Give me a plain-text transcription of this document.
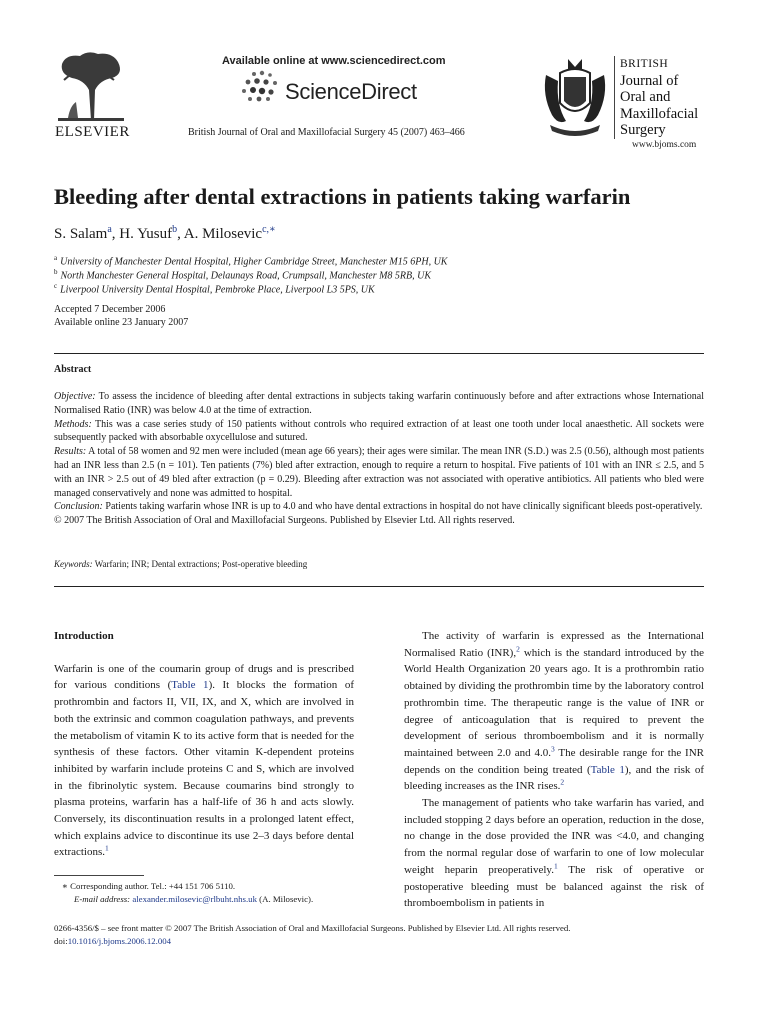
ELSEVIER
Available online at www.sciencedirect.com
ScienceDirect
British Journal of Oral and Maxillofacial Surgery 45 (2007) 463–466
BRITISH
Journal of
Oral and
Maxillofacial
Surgery
www.bjoms.com
Bleeding after dental extractions in patients taking warfarin
S. Salam$^a$, H. Yusuf$^b$, A. Milosevic$^{c,∗}$
$^a$ University of Manchester Dental Hospital, Higher Cambridge Street, Manchester M15 6PH, UK
$^b$ North Manchester General Hospital, Delaunays Road, Crumpsall, Manchester M8 5RB, UK
$^c$ Liverpool University Dental Hospital, Pembroke Place, Liverpool L3 5PS, UK
Accepted 7 December 2006
Available online 23 January 2007
Abstract

Objective: To assess the incidence of bleeding after dental extractions in subjects taking warfarin continuously before and after extractions whose International Normalised Ratio (INR) was below 4.0 at the time of extraction.

Methods: This was a case series study of 150 patients without controls who required extraction of at least one tooth under local anaesthetic. All sockets were subsequently packed with absorbable oxycellulose and sutured.

Results: A total of 58 women and 92 men were included (mean age 66 years); their ages were similar. The mean INR (S.D.) was 2.5 (0.56), although most patients had an INR less than 2.5 (n = 101). Ten patients (7%) bled after extraction, enough to require a return to hospital. Five patients of 101 with an INR ≤ 2.5, and 5 with an INR > 2.5 out of 49 bled after extraction (p = 0.29). Bleeding after extraction was not associated with operative antibiotics. All patients who bled were managed conservatively and none was admitted to hospital.

Conclusion: Patients taking warfarin whose INR is up to 4.0 and who have dental extractions in hospital do not have clinically significant bleeds post-operatively.

© 2007 The British Association of Oral and Maxillofacial Surgeons. Published by Elsevier Ltd. All rights reserved.

Keywords: Warfarin; INR; Dental extractions; Post-operative bleeding

Introduction

Warfarin is one of the coumarin group of drugs and is prescribed for various conditions (Table 1). It blocks the formation of prothrombin and factors II, VII, IX, and X, which are involved in both the extrinsic and common coagulation pathways, and prevents the metabolism of vitamin K to its active form that is needed for the synthesis of these factors. Other vitamin K-dependent proteins inhibited by warfarin include proteins C and S, which are involved in the fibrinolytic system. Because coumarins bind strongly to plasma proteins, warfarin has a half-life of 36 h and acts slowly. Conversely, its discontinuation results in a prolonged latent effect, which explains advice to discontinue its use 2–3 days before dental extractions.$^1$

The activity of warfarin is expressed as the International Normalised Ratio (INR),$^2$ which is the standard introduced by the World Health Organization 20 years ago. It is a prothrombin ratio obtained by dividing the prothrombin time by the laboratory control prothrombin time. The therapeutic range is the value of INR or degree of anticoagulation that is required to prevent the development of serious thromboembolism and it is normally maintained between 2.0 and 4.0.$^3$ The desirable range for the INR depends on the condition being treated (Table 1), and the risk of bleeding increases as the INR rises.$^2$

The management of patients who take warfarin has varied, and included stopping 2 days before an operation, reduction in the dose, no change in the dose provided the INR was <4.0, and changing from the normal regular dose of warfarin to one of low molecular weight heparin preoperatively.$^1$ The risk of operative or postoperative bleeding must be balanced against the risk of thromboembolism in patients in

∗ Corresponding author. Tel.: +44 151 706 5110.
E-mail address: alexander.milosevic@rlbuht.nhs.uk (A. Milosevic).
0266-4356/$ – see front matter © 2007 The British Association of Oral and Maxillofacial Surgeons. Published by Elsevier Ltd. All rights reserved.
doi:10.1016/j.bjoms.2006.12.004
